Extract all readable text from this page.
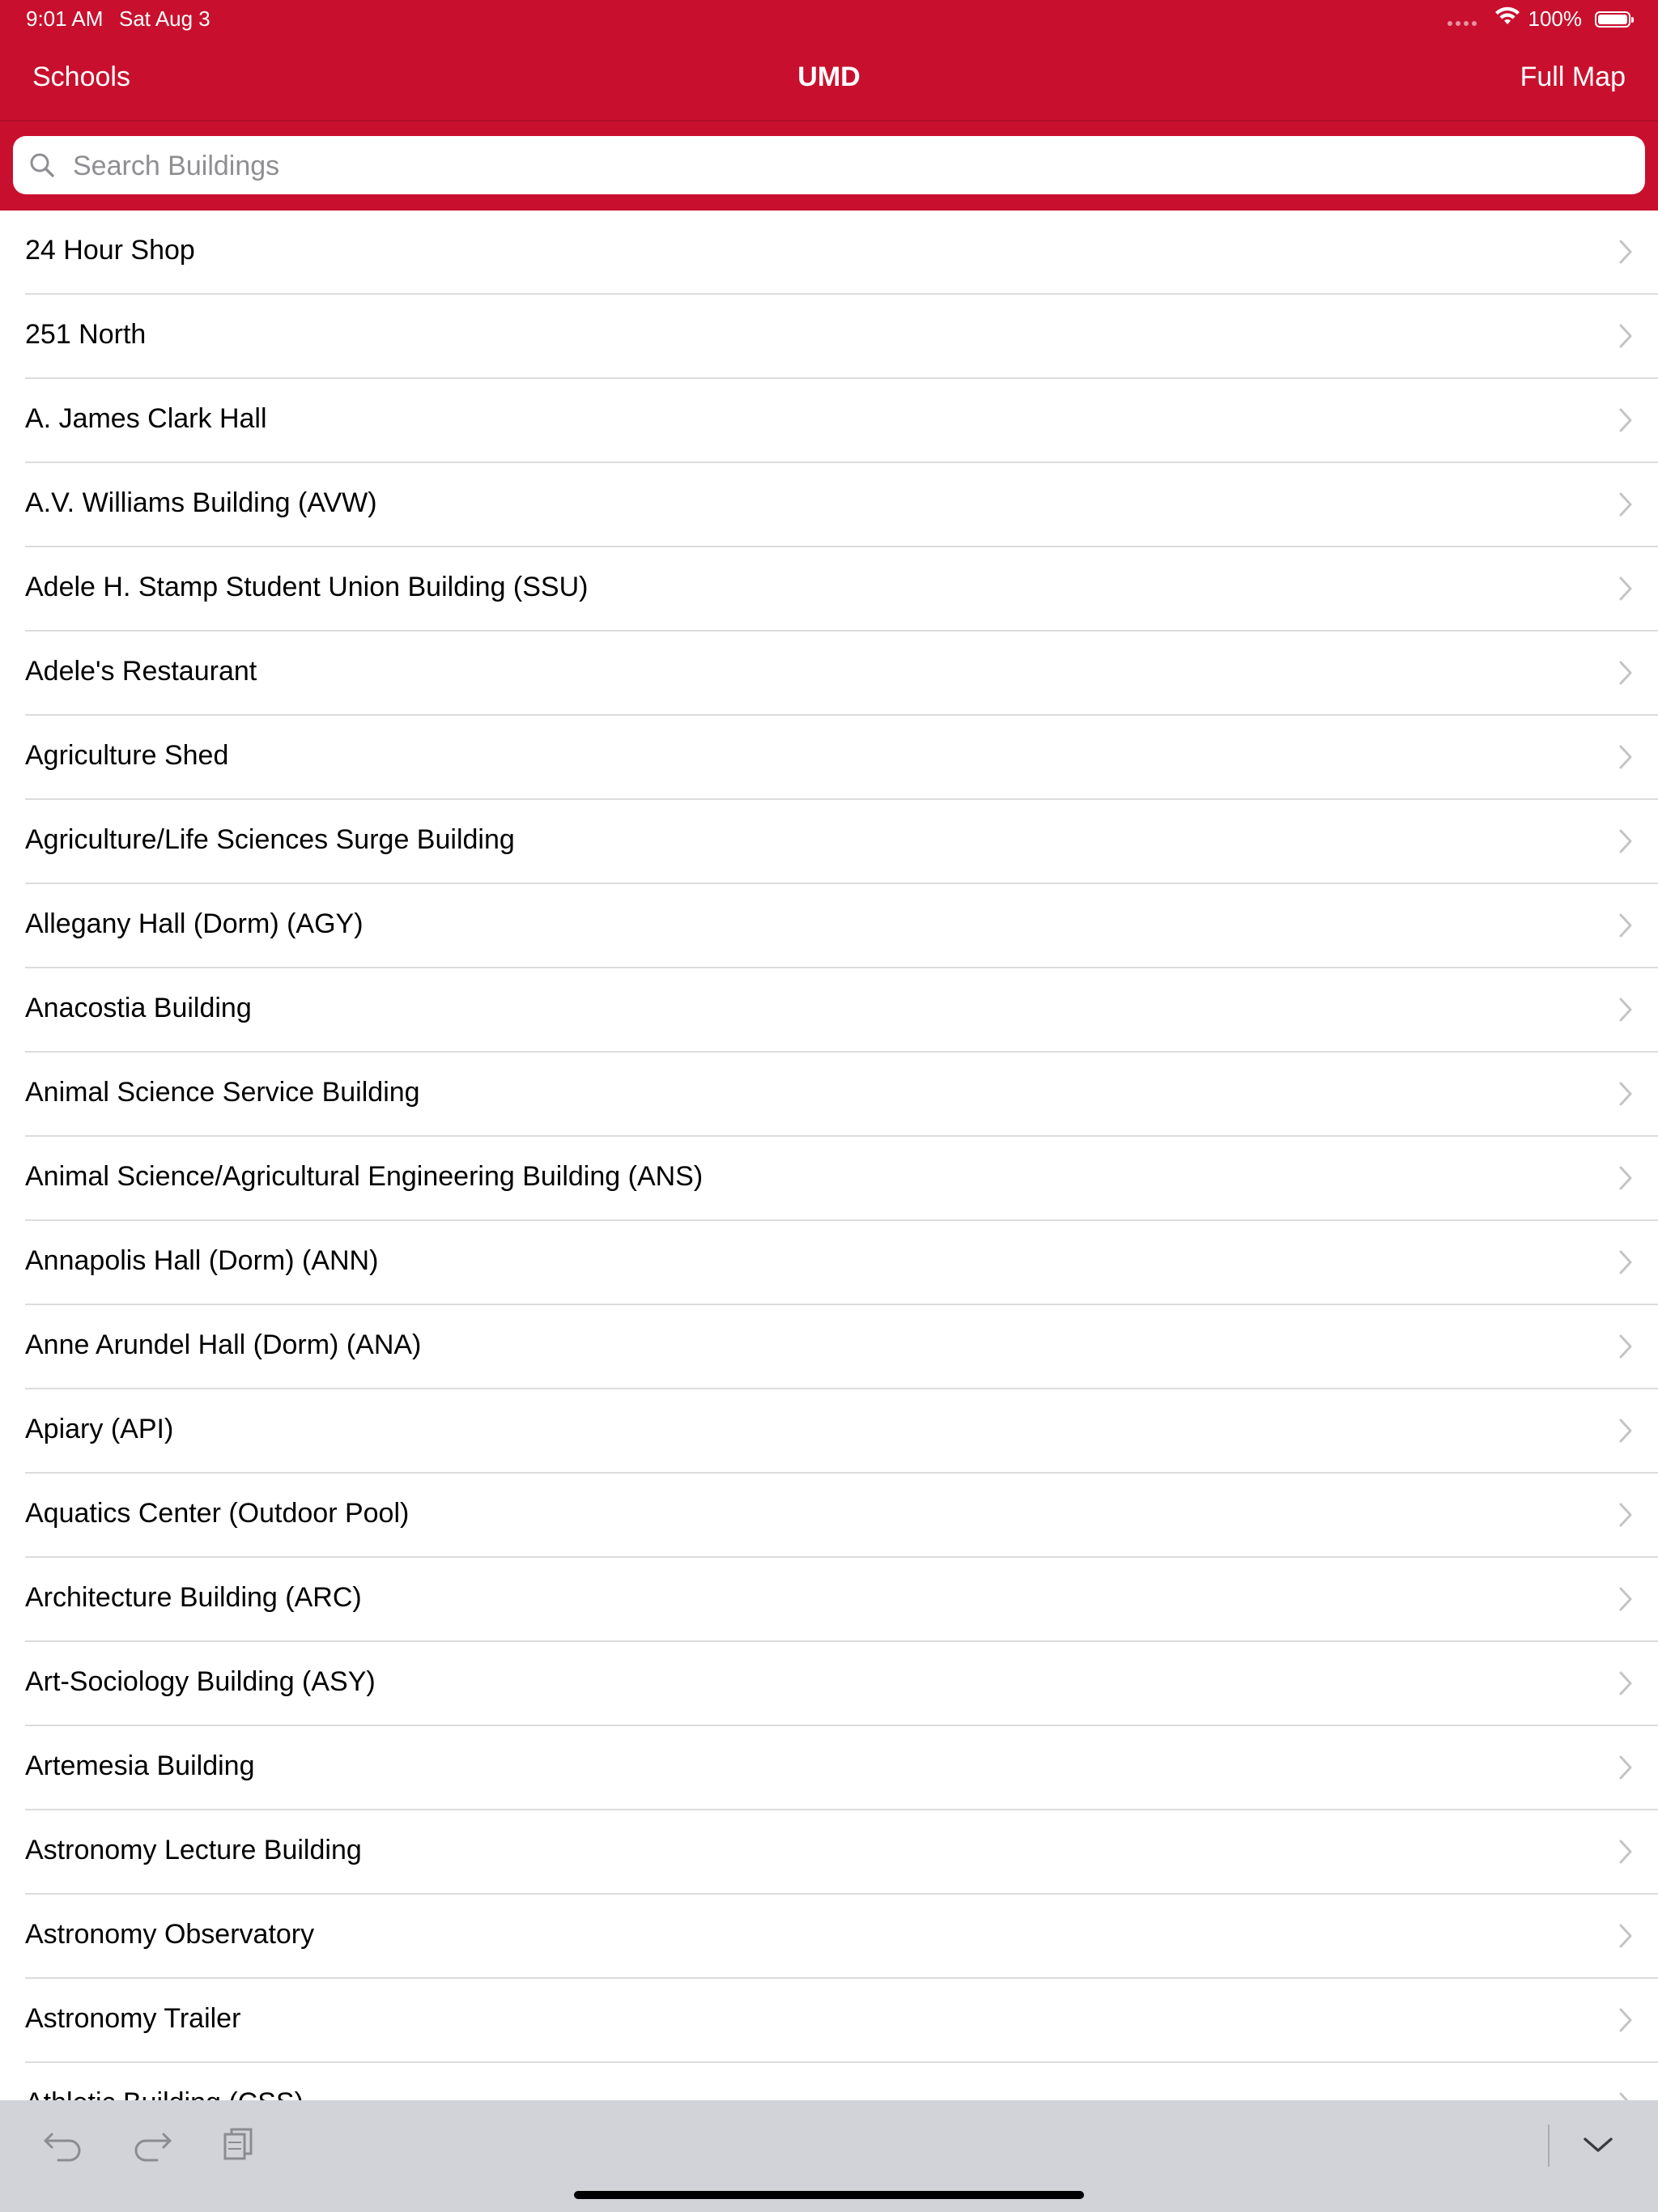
9:01 AM Sat Aug 3	100%
Schools	UMD	Full Map
Search Buildings
24 Hour Shop
251 North
A. James Clark Hall
A.V. Williams Building (AVW)
Adele H. Stamp Student Union Building (SSU)
Adele's Restaurant
Agriculture Shed
Agriculture/Life Sciences Surge Building
Allegany Hall (Dorm) (AGY)
Anacostia Building
Animal Science Service Building
Animal Science/Agricultural Engineering Building (ANS)
Annapolis Hall (Dorm) (ANN)
Anne Arundel Hall (Dorm) (ANA)
Apiary (API)
Aquatics Center (Outdoor Pool)
Architecture Building (ARC)
Art-Sociology Building (ASY)
Artemesia Building
Astronomy Lecture Building
Astronomy Observatory
Astronomy Trailer
